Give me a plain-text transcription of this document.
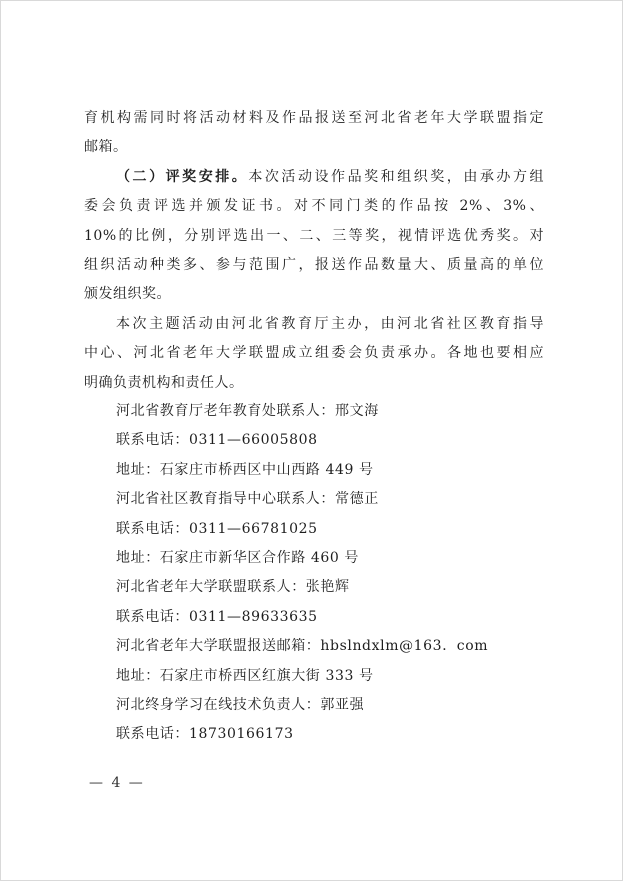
育机构需同时将活动材料及作品报送至河北省老年大学联盟指定
邮箱。
（二）评奖安排。本次活动设作品奖和组织奖，由承办方组
委会负责评选并颁发证书。对不同门类的作品按 2%、3%、
10%的比例，分别评选出一、二、三等奖，视情评选优秀奖。对
组织活动种类多、参与范围广，报送作品数量大、质量高的单位
颁发组织奖。
本次主题活动由河北省教育厅主办，由河北省社区教育指导
中心、河北省老年大学联盟成立组委会负责承办。各地也要相应
明确负责机构和责任人。
河北省教育厅老年教育处联系人：邢文海
联系电话：0311—66005808
地址：石家庄市桥西区中山西路 449 号
河北省社区教育指导中心联系人：常德正
联系电话：0311—66781025
地址：石家庄市新华区合作路 460 号
河北省老年大学联盟联系人：张艳辉
联系电话：0311—89633635
河北省老年大学联盟报送邮箱：hbslndxlm@163．com
地址：石家庄市桥西区红旗大街 333 号
河北终身学习在线技术负责人：郭亚强
联系电话：18730166173
— 4 —
